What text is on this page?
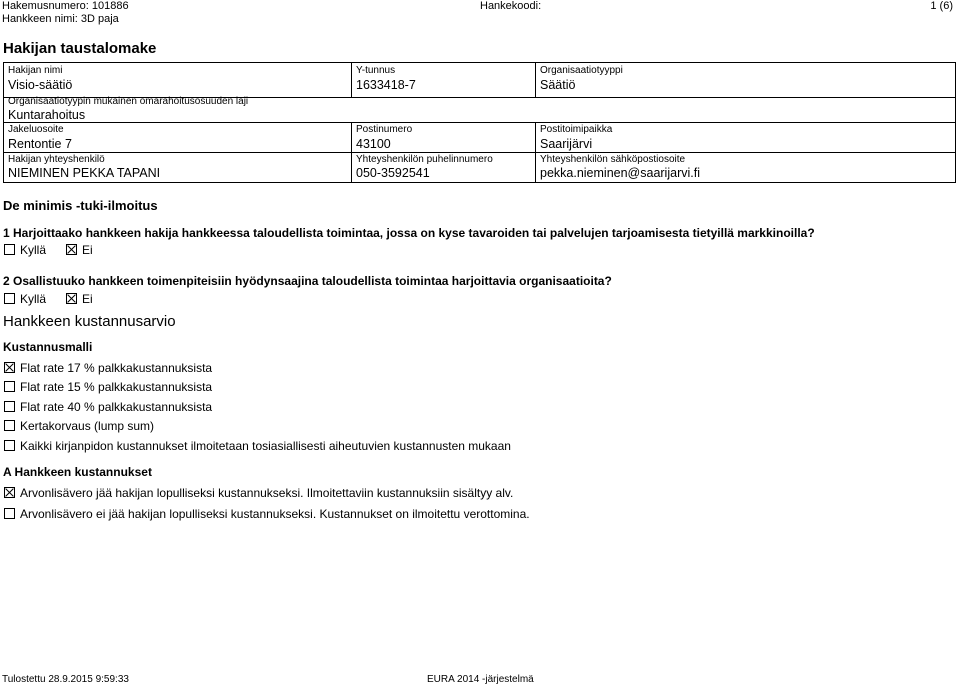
Hakemusnumero: 101886
Hankkeen nimi: 3D paja
Hankekoodi:	1 (6)
Hakijan taustalomake
Hakijan nimi
Visio-säätiö
Y-tunnus
1633418-7
Organisaatiotyyppi
Säätiö
Organisaatiotyypin mukainen omarahoitusosuuden laji
Kuntarahoitus
Jakeluosoite
Rentontie 7
Postinumero
43100
Postitoimipaikka
Saarijärvi
Hakijan yhteyshenkilö
NIEMINEN PEKKA TAPANI
Yhteyshenkilön puhelinnumero
050-3592541
Yhteyshenkilön sähköpostiosoite
pekka.nieminen@saarijarvi.fi
De minimis -tuki-ilmoitus
1 Harjoittaako hankkeen hakija hankkeessa taloudellista toimintaa, jossa on kyse tavaroiden tai palvelujen tarjoamisesta tietyillä markkinoilla?
Kyllä	Ei
2 Osallistuuko hankkeen toimenpiteisiin hyödynsaajina taloudellista toimintaa harjoittavia organisaatioita?
Kyllä	Ei
Hankkeen kustannusarvio
Kustannusmalli
Flat rate 17 % palkkakustannuksista
Flat rate 15 % palkkakustannuksista
Flat rate 40 % palkkakustannuksista
Kertakorvaus (lump sum)
Kaikki kirjanpidon kustannukset ilmoitetaan tosiasiallisesti aiheutuvien kustannusten mukaan
A Hankkeen kustannukset
Arvonlisävero jää hakijan lopulliseksi kustannukseksi. Ilmoitettaviin kustannuksiin sisältyy alv.
Arvonlisävero ei jää hakijan lopulliseksi kustannukseksi. Kustannukset on ilmoitettu verottomina.
Tulostettu 28.9.2015 9:59:33	EURA 2014 -järjestelmä
